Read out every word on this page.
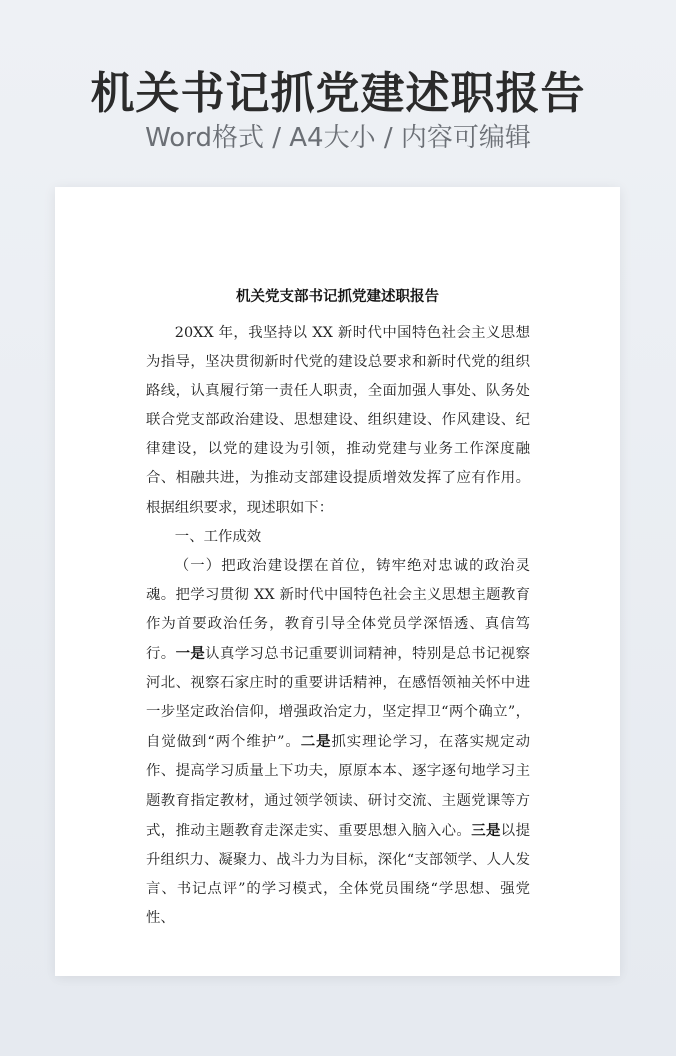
机关书记抓党建述职报告
Word格式 / A4大小 / 内容可编辑
机关党支部书记抓党建述职报告

20XX 年，我坚持以 XX 新时代中国特色社会主义思想为指导，坚决贯彻新时代党的建设总要求和新时代党的组织路线，认真履行第一责任人职责，全面加强人事处、队务处联合党支部政治建设、思想建设、组织建设、作风建设、纪律建设，以党的建设为引领，推动党建与业务工作深度融合、相融共进，为推动支部建设提质增效发挥了应有作用。根据组织要求，现述职如下：

一、工作成效

（一）把政治建设摆在首位，铸牢绝对忠诚的政治灵魂。把学习贯彻 XX 新时代中国特色社会主义思想主题教育作为首要政治任务，教育引导全体党员学深悟透、真信笃行。一是认真学习总书记重要训词精神，特别是总书记视察河北、视察石家庄时的重要讲话精神，在感悟领袖关怀中进一步坚定政治信仰，增强政治定力，坚定捍卫“两个确立”，自觉做到“两个维护”。二是抓实理论学习，在落实规定动作、提高学习质量上下功夫，原原本本、逐字逐句地学习主题教育指定教材，通过领学领读、研讨交流、主题党课等方式，推动主题教育走深走实、重要思想入脑入心。三是以提升组织力、凝聚力、战斗力为目标，深化“支部领学、人人发言、书记点评”的学习模式，全体党员围绕“学思想、强党性、
